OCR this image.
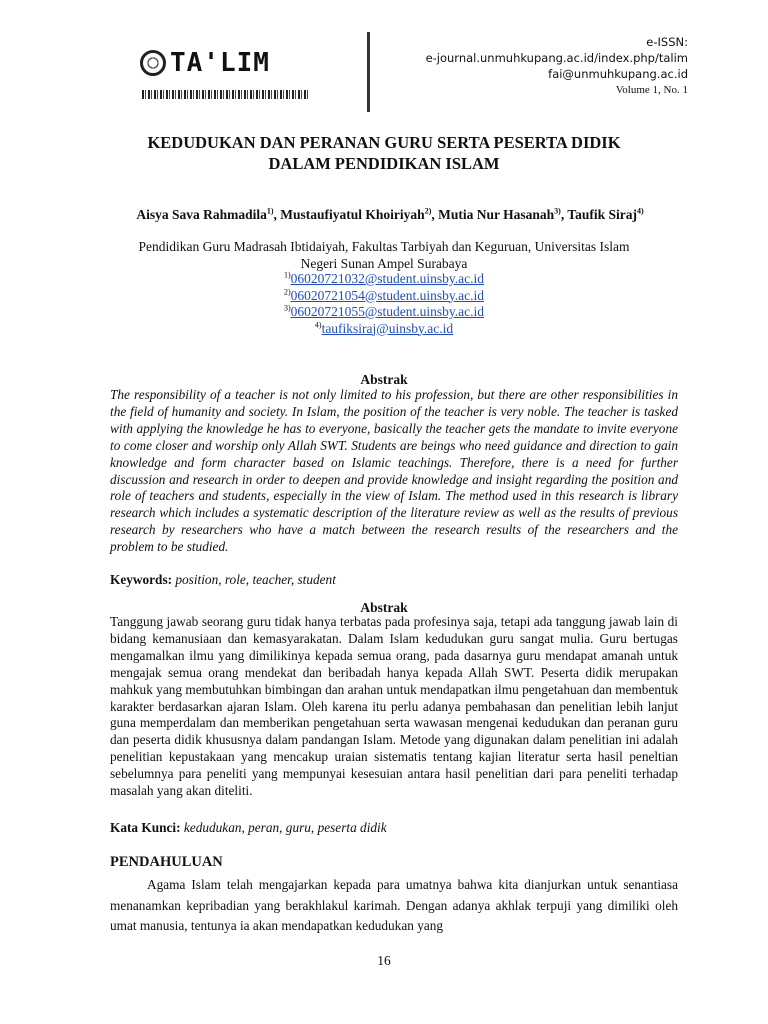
TA'LIM
e-ISSN:
e-journal.unmuhkupang.ac.id/index.php/talim
fai@unmuhkupang.ac.id
Volume 1, No. 1
KEDUDUKAN DAN PERANAN GURU SERTA PESERTA DIDIK
DALAM PENDIDIKAN ISLAM
Aisya Sava Rahmadila$^{1)}$, Mustaufiyatul Khoiriyah$^{2)}$, Mutia Nur Hasanah$^{3)}$, Taufik Siraj$^{4)}$
Pendidikan Guru Madrasah Ibtidaiyah, Fakultas Tarbiyah dan Keguruan, Universitas Islam
Negeri Sunan Ampel Surabaya
$^{1)}$06020721032@student.uinsby.ac.id
$^{2)}$06020721054@student.uinsby.ac.id
$^{3)}$06020721055@student.uinsby.ac.id
$^{4)}$taufiksiraj@uinsby.ac.id
Abstrak
The responsibility of a teacher is not only limited to his profession, but there are other responsibilities in the field of humanity and society. In Islam, the position of the teacher is very noble. The teacher is tasked with applying the knowledge he has to everyone, basically the teacher gets the mandate to invite everyone to come closer and worship only Allah SWT. Students are beings who need guidance and direction to gain knowledge and form character based on Islamic teachings. Therefore, there is a need for further discussion and research in order to deepen and provide knowledge and insight regarding the position and role of teachers and students, especially in the view of Islam. The method used in this research is library research which includes a systematic description of the literature review as well as the results of previous research by researchers who have a match between the research results of the researchers and the problem to be studied.
Keywords: position, role, teacher, student
Abstrak
Tanggung jawab seorang guru tidak hanya terbatas pada profesinya saja, tetapi ada tanggung jawab lain di bidang kemanusiaan dan kemasyarakatan. Dalam Islam kedudukan guru sangat mulia. Guru bertugas mengamalkan ilmu yang dimilikinya kepada semua orang, pada dasarnya guru mendapat amanah untuk mengajak semua orang mendekat dan beribadah hanya kepada Allah SWT. Peserta didik merupakan mahkuk yang membutuhkan bimbingan dan arahan untuk mendapatkan ilmu pengetahuan dan membentuk karakter berdasarkan ajaran Islam. Oleh karena itu perlu adanya pembahasan dan penelitian lebih lanjut guna memperdalam dan memberikan pengetahuan serta wawasan mengenai kedudukan dan peranan guru dan peserta didik khususnya dalam pandangan Islam. Metode yang digunakan dalam penelitian ini adalah penelitian kepustakaan yang mencakup uraian sistematis tentang kajian literatur serta hasil peneltian sebelumnya para peneliti yang mempunyai kesesuian antara hasil penelitian dari para peneliti terhadap masalah yang akan diteliti.
Kata Kunci: kedudukan, peran, guru, peserta didik
PENDAHULUAN
Agama Islam telah mengajarkan kepada para umatnya bahwa kita dianjurkan untuk senantiasa menanamkan kepribadian yang berakhlakul karimah. Dengan adanya akhlak terpuji yang dimiliki oleh umat manusia, tentunya ia akan mendapatkan kedudukan yang
16
